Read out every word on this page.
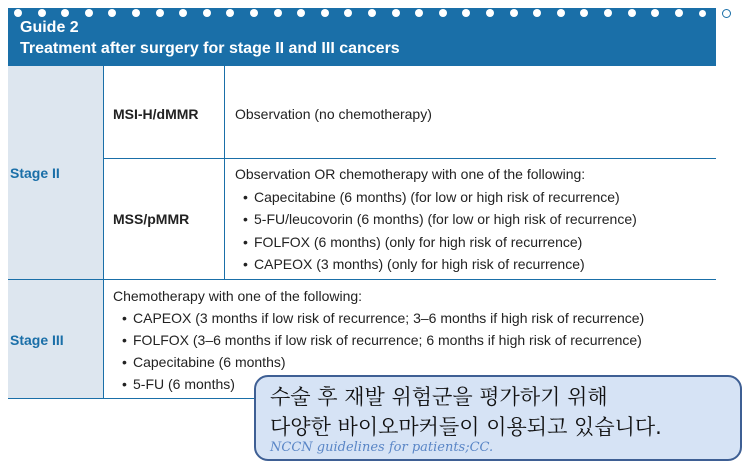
Guide 2
Treatment after surgery for stage II and III cancers
Stage II
MSI-H/dMMR	Observation (no chemotherapy)
MSS/pMMR
Observation OR chemotherapy with one of the following:
• Capecitabine (6 months) (for low or high risk of recurrence)
• 5-FU/leucovorin (6 months) (for low or high risk of recurrence)
• FOLFOX (6 months) (only for high risk of recurrence)
• CAPEOX (3 months) (only for high risk of recurrence)
Stage III
Chemotherapy with one of the following:
• CAPEOX (3 months if low risk of recurrence; 3–6 months if high risk of recurrence)
• FOLFOX (3–6 months if low risk of recurrence; 6 months if high risk of recurrence)
• Capecitabine (6 months)
• 5-FU (6 months)
수술 후 재발 위험군을 평가하기 위해
다양한 바이오마커들이 이용되고 있습니다.
NCCN guidelines for patients;CC.
